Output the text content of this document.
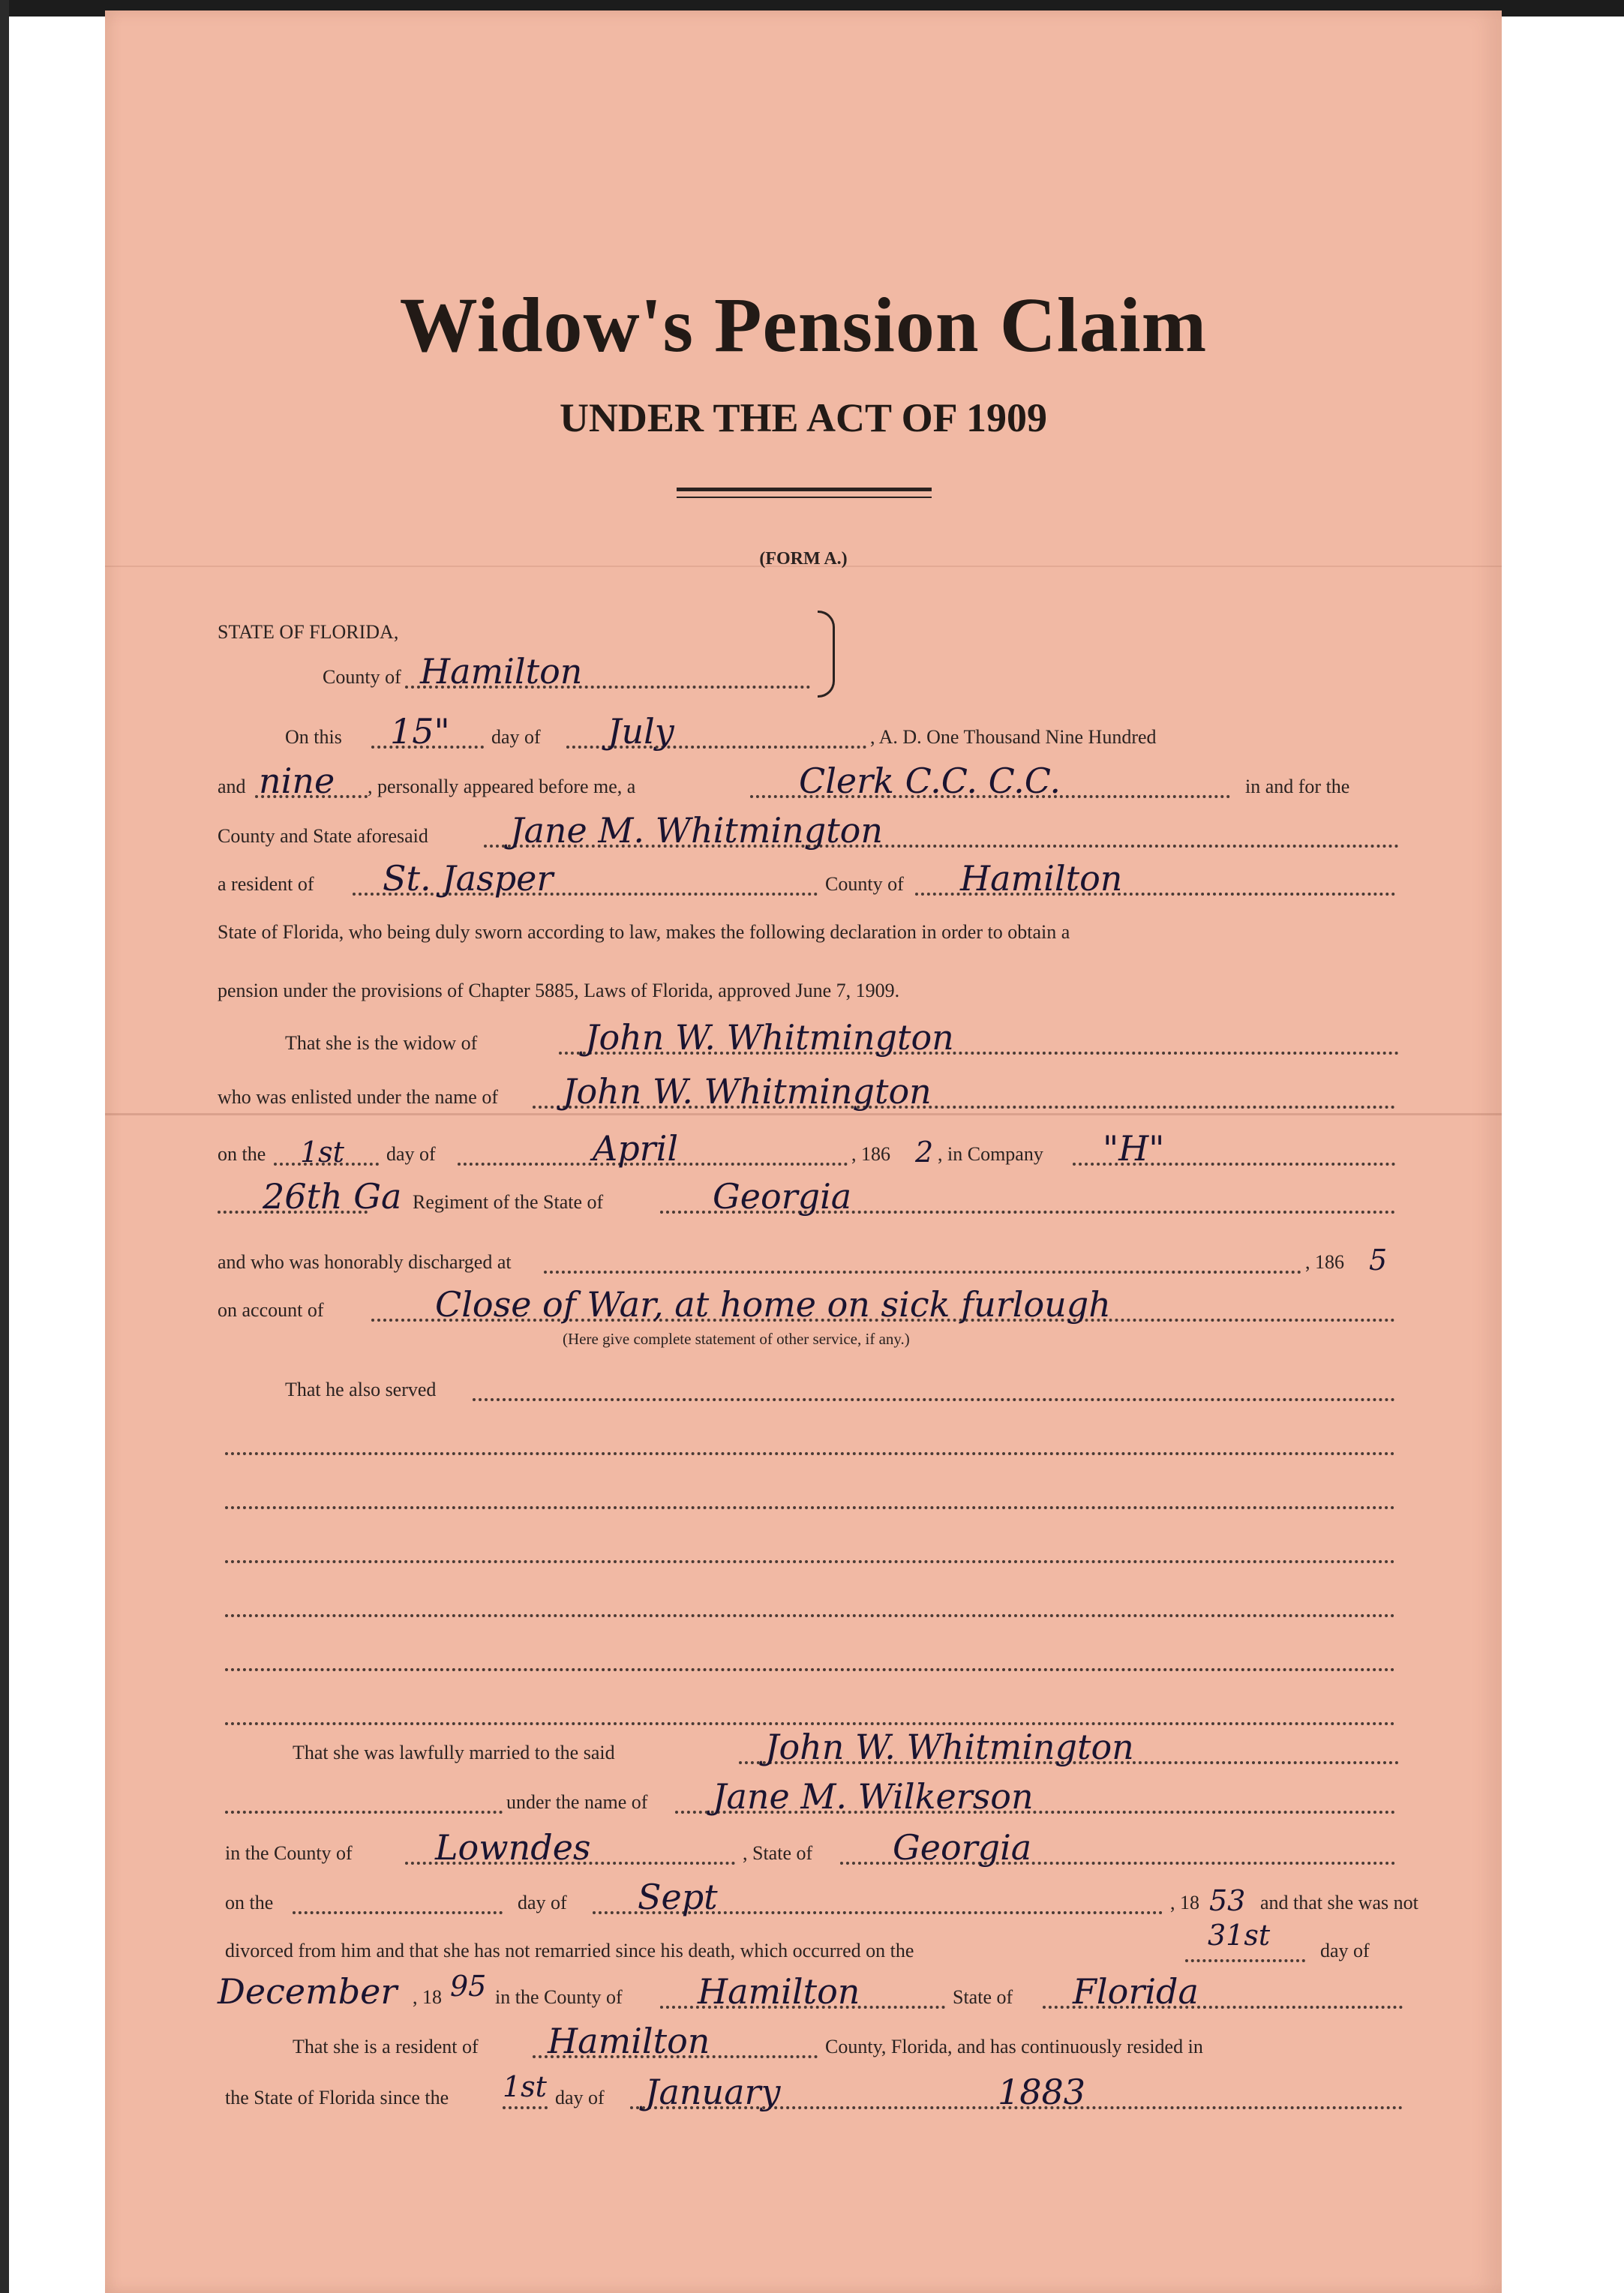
Widow's Pension Claim
UNDER THE ACT OF 1909
(FORM A.)
STATE OF FLORIDA,
County of Hamilton
On this 15" day of July	, A. D. One Thousand Nine Hundred
and nine , personally appeared before me, a	Clerk C.C. C.C.	in and for the
County and State aforesaid Jane M. Whitmington
a resident of St. Jasper	County of Hamilton
State of Florida, who being duly sworn according to law, makes the following declaration in order to obtain a
pension under the provisions of Chapter 5885, Laws of Florida, approved June 7, 1909.
That she is the widow of	John W. Whitmington
who was enlisted under the name of John W. Whitmington
on the 1st day of	April	, 186 2 , in Company "H"
26th Ga Regiment of the State of	Georgia
and who was honorably discharged at	, 186 5
on account of	Close of War, at home on sick furlough
(Here give complete statement of other service, if any.)
That he also served
That she was lawfully married to the said	John W. Whitmington
under the name of Jane M. Wilkerson
in the County of Lowndes	, State of Georgia
on the	day of Sept	, 18 53 and that she was not
divorced from him and that she has not remarried since his death, which occurred on the	31st	day of
December , 18 95 in the County of Hamilton	State of Florida
That she is a resident of Hamilton	County, Florida, and has continuously resided in
the State of Florida since the 1st day of January	1883
